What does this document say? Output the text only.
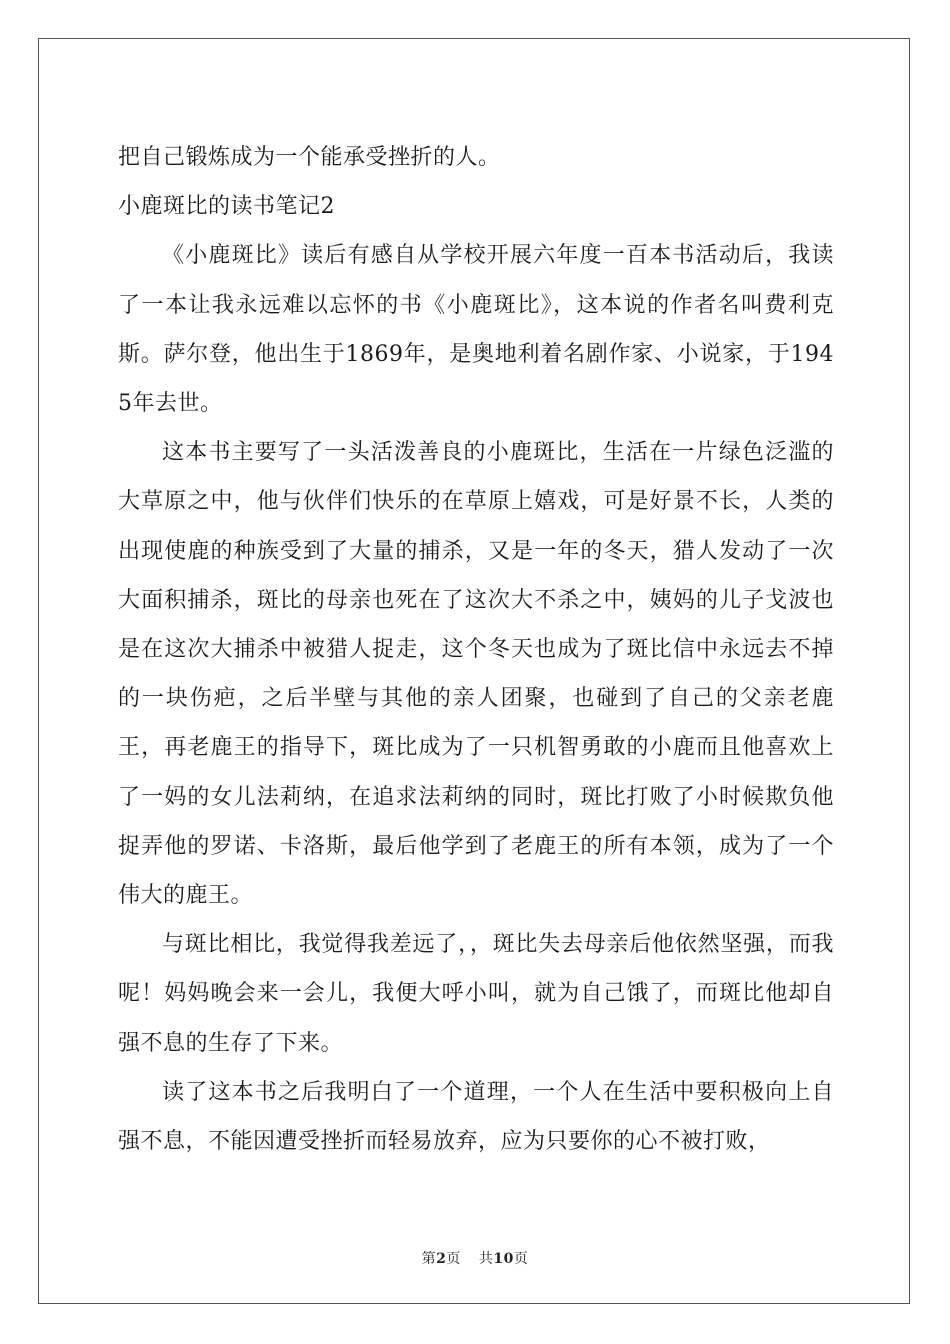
把自己锻炼成为一个能承受挫折的人。

小鹿斑比的读书笔记2

《小鹿斑比》读后有感自从学校开展六年度一百本书活动后，我读了一本让我永远难以忘怀的书《小鹿斑比》，这本说的作者名叫费利克斯。萨尔登，他出生于1869年，是奥地利着名剧作家、小说家，于1945年去世。

这本书主要写了一头活泼善良的小鹿斑比，生活在一片绿色泛滥的大草原之中，他与伙伴们快乐的在草原上嬉戏，可是好景不长，人类的出现使鹿的种族受到了大量的捕杀，又是一年的冬天，猎人发动了一次大面积捕杀，斑比的母亲也死在了这次大不杀之中，姨妈的儿子戈波也是在这次大捕杀中被猎人捉走，这个冬天也成为了斑比信中永远去不掉的一块伤疤，之后半壁与其他的亲人团聚，也碰到了自己的父亲老鹿王，再老鹿王的指导下，斑比成为了一只机智勇敢的小鹿而且他喜欢上了一妈的女儿法莉纳，在追求法莉纳的同时，斑比打败了小时候欺负他捉弄他的罗诺、卡洛斯，最后他学到了老鹿王的所有本领，成为了一个伟大的鹿王。

与斑比相比，我觉得我差远了，，斑比失去母亲后他依然坚强，而我呢！妈妈晚会来一会儿，我便大呼小叫，就为自己饿了，而斑比他却自强不息的生存了下来。

读了这本书之后我明白了一个道理，一个人在生活中要积极向上自强不息，不能因遭受挫折而轻易放弃，应为只要你的心不被打败，

第2页 共10页
